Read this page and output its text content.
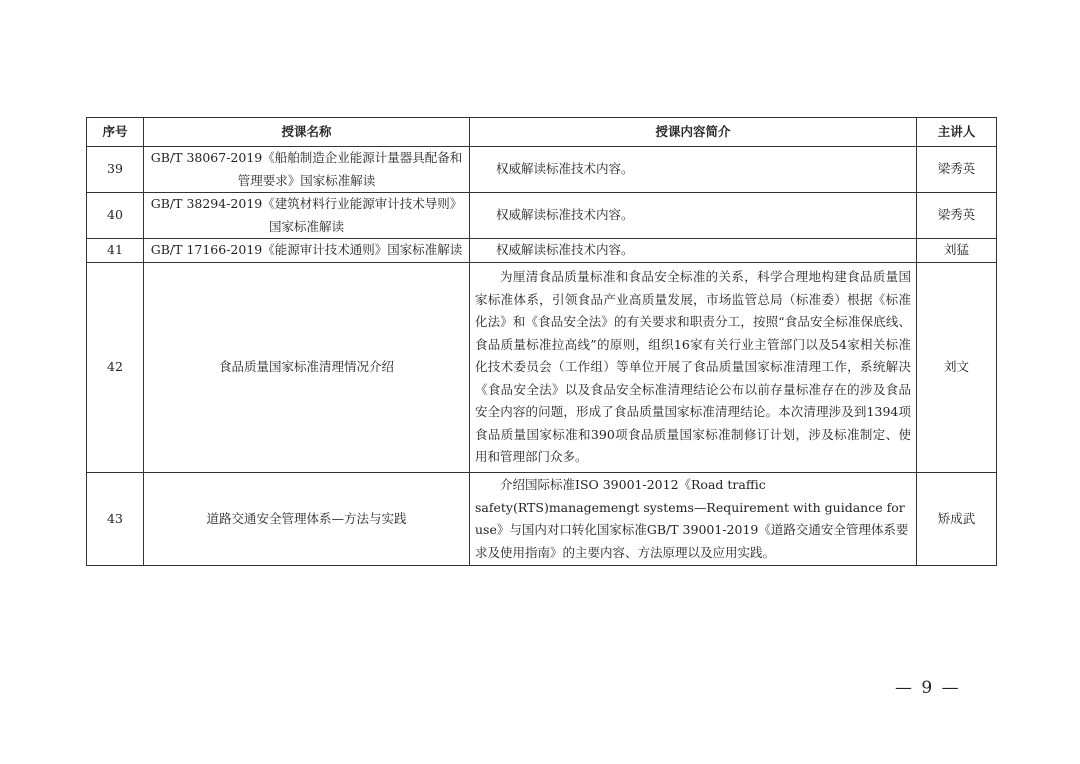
序号	授课名称	授课内容简介	主讲人
39	GB/T 38067-2019《船舶制造企业能源计量器具配备和管理要求》国家标准解读	权威解读标准技术内容。	梁秀英
40	GB/T 38294-2019《建筑材料行业能源审计技术导则》国家标准解读	权威解读标准技术内容。	梁秀英
41	GB/T 17166-2019《能源审计技术通则》国家标准解读	权威解读标准技术内容。	刘猛
42	食品质量国家标准清理情况介绍	为厘清食品质量标准和食品安全标准的关系，科学合理地构建食品质量国家标准体系，引领食品产业高质量发展，市场监管总局（标准委）根据《标准化法》和《食品安全法》的有关要求和职责分工，按照“食品安全标准保底线、食品质量标准拉高线”的原则，组织16家有关行业主管部门以及54家相关标准化技术委员会（工作组）等单位开展了食品质量国家标准清理工作，系统解决《食品安全法》以及食品安全标准清理结论公布以前存量标准存在的涉及食品安全内容的问题，形成了食品质量国家标准清理结论。本次清理涉及到1394项食品质量国家标准和390项食品质量国家标准制修订计划，涉及标准制定、使用和管理部门众多。	刘文
43	道路交通安全管理体系—方法与实践	介绍国际标准ISO 39001-2012《Road traffic safety(RTS)managemengt systems—Requirement with guidance for use》与国内对口转化国家标准GB/T 39001-2019《道路交通安全管理体系要求及使用指南》的主要内容、方法原理以及应用实践。	矫成武
— 9 —
